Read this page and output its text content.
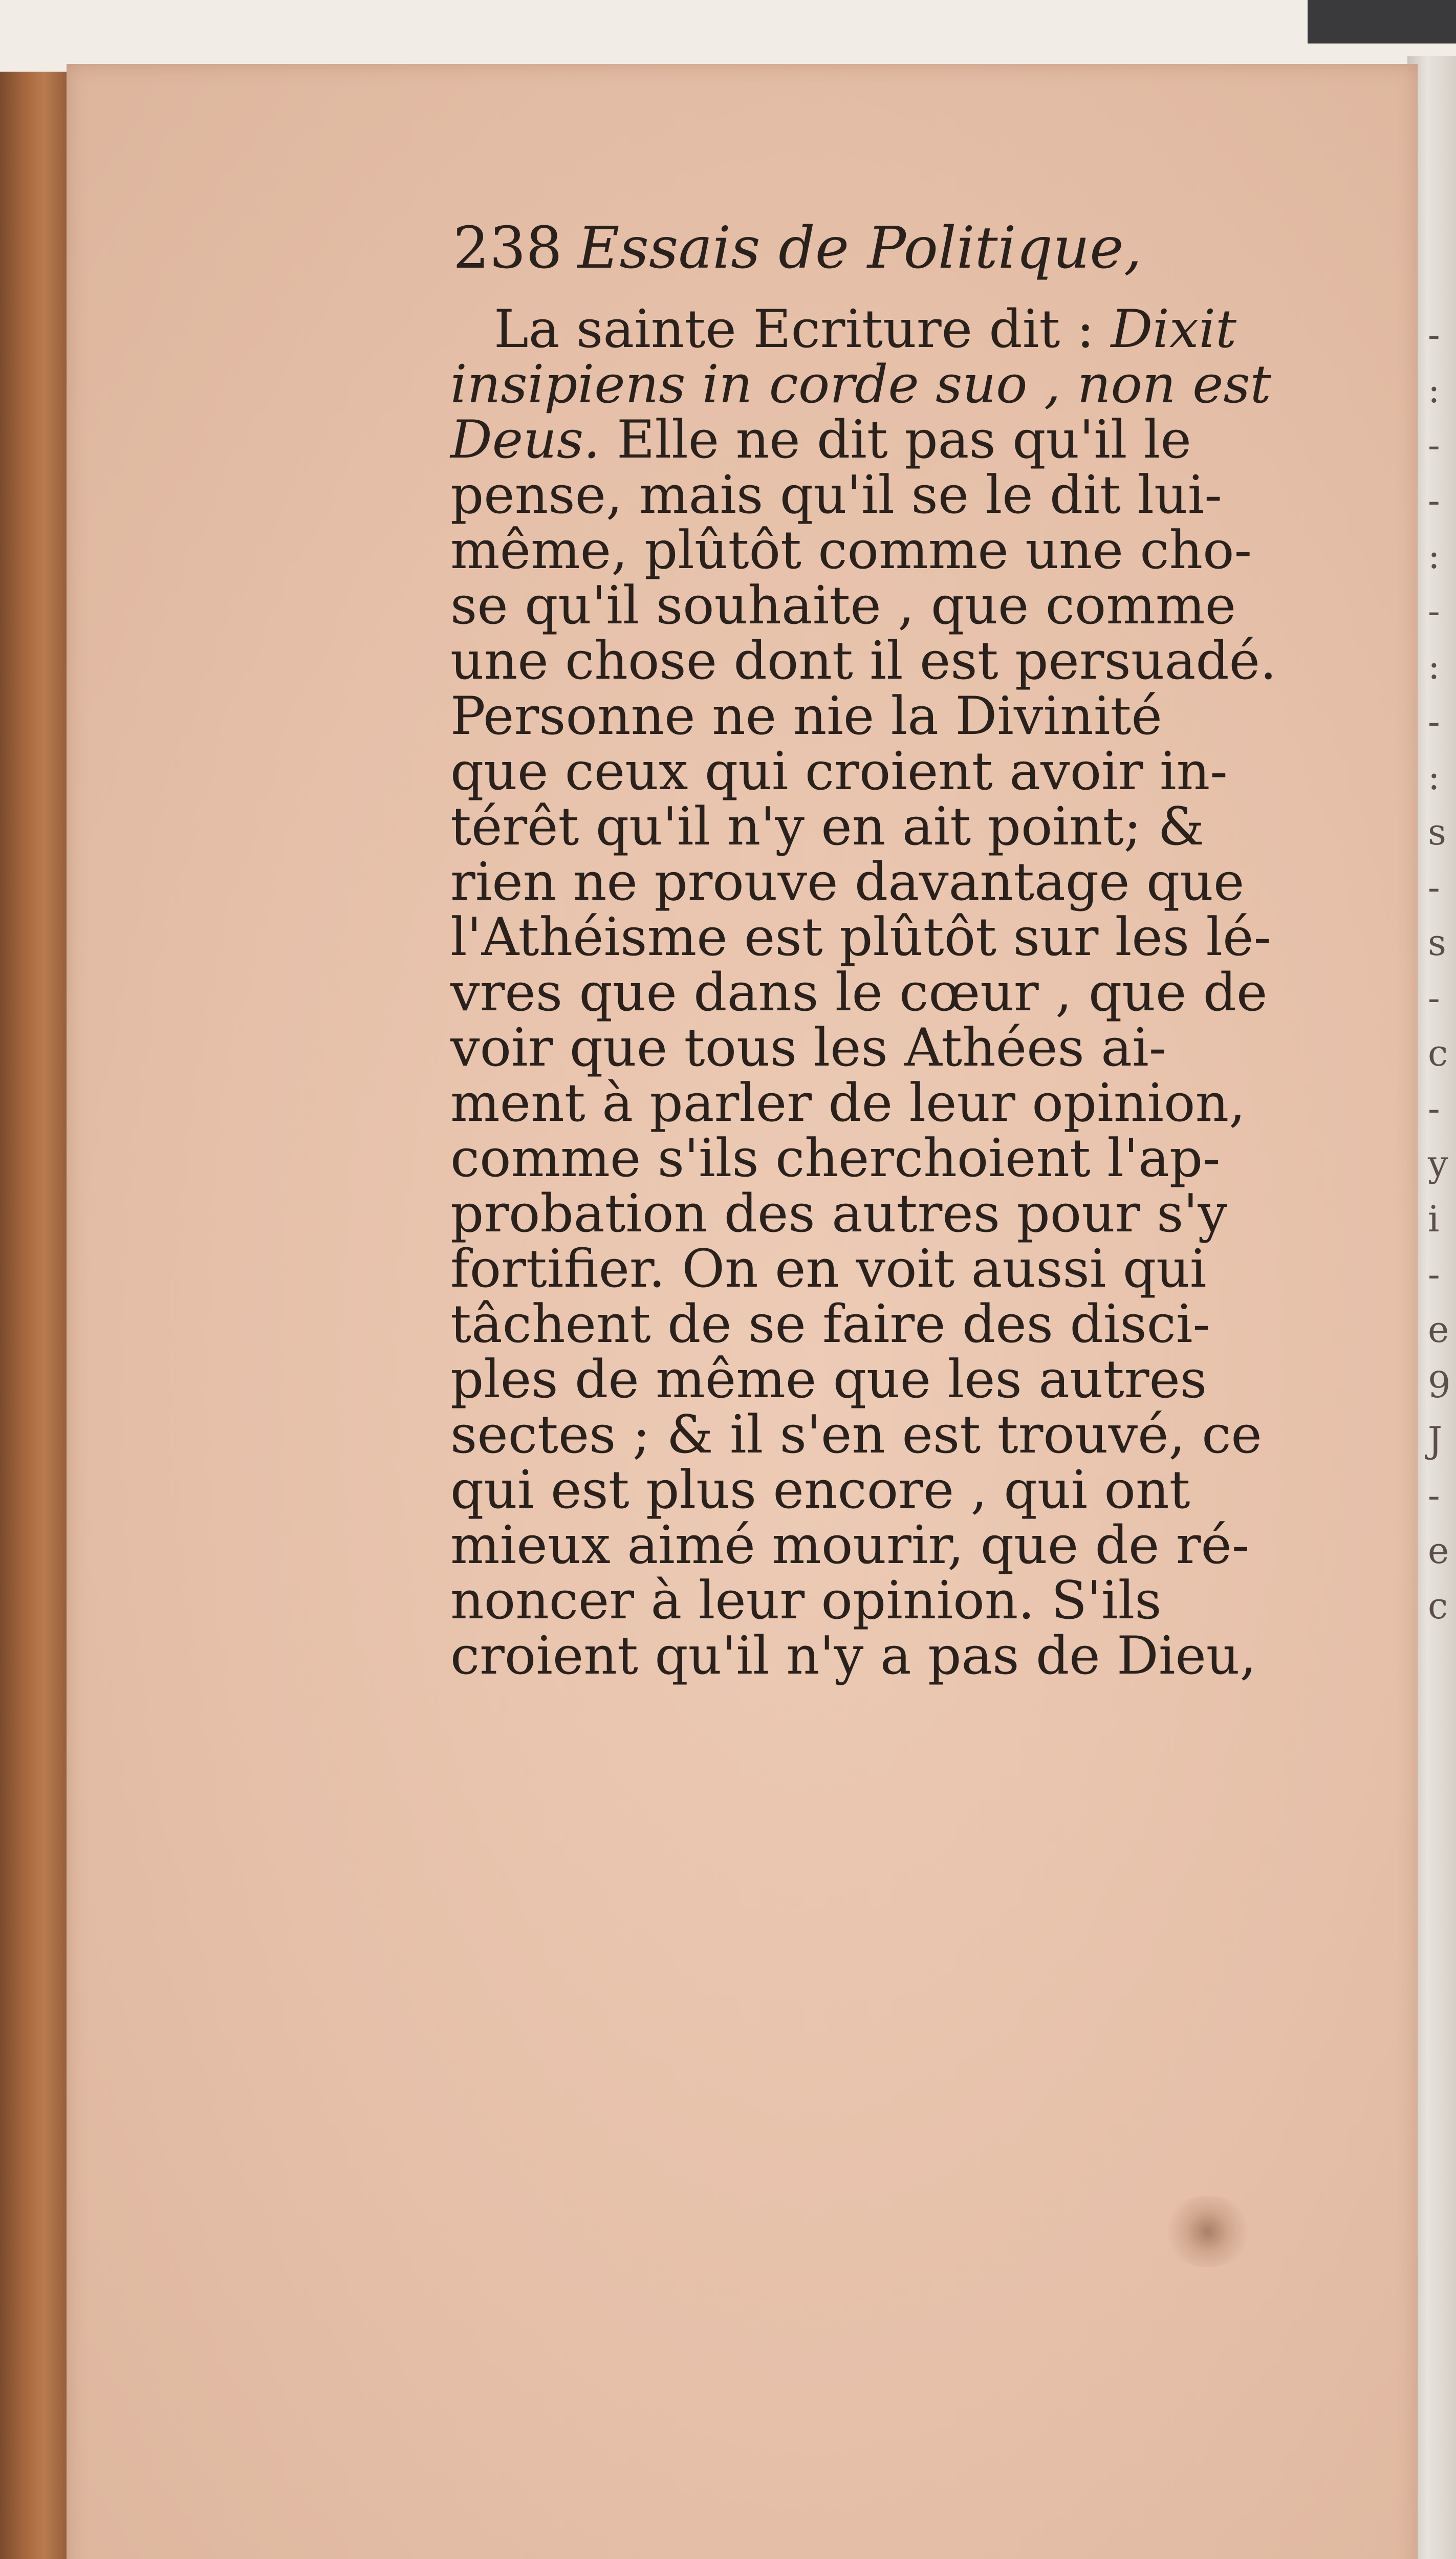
238 Essais de Politique,
La sainte Ecriture dit : Dixit
insipiens in corde suo , non est
Deus. Elle ne dit pas qu'il le
pense, mais qu'il se le dit lui-
même, plûtôt comme une cho-
se qu'il souhaite , que comme
une chose dont il est persuadé.
Personne ne nie la Divinité
que ceux qui croient avoir in-
térêt qu'il n'y en ait point; &
rien ne prouve davantage que
l'Athéisme est plûtôt sur les lé-
vres que dans le cœur , que de
voir que tous les Athées ai-
ment à parler de leur opinion,
comme s'ils cherchoient l'ap-
probation des autres pour s'y
fortifier. On en voit aussi qui
tâchent de se faire des disci-
ples de même que les autres
sectes ; & il s'en est trouvé, ce
qui est plus encore , qui ont
mieux aimé mourir, que de ré-
noncer à leur opinion. S'ils
croient qu'il n'y a pas de Dieu,
-
:
-
-
:
-
:
-
:
s
-
s
-
c
-
y
i
-
e
9
J
-
e
c
